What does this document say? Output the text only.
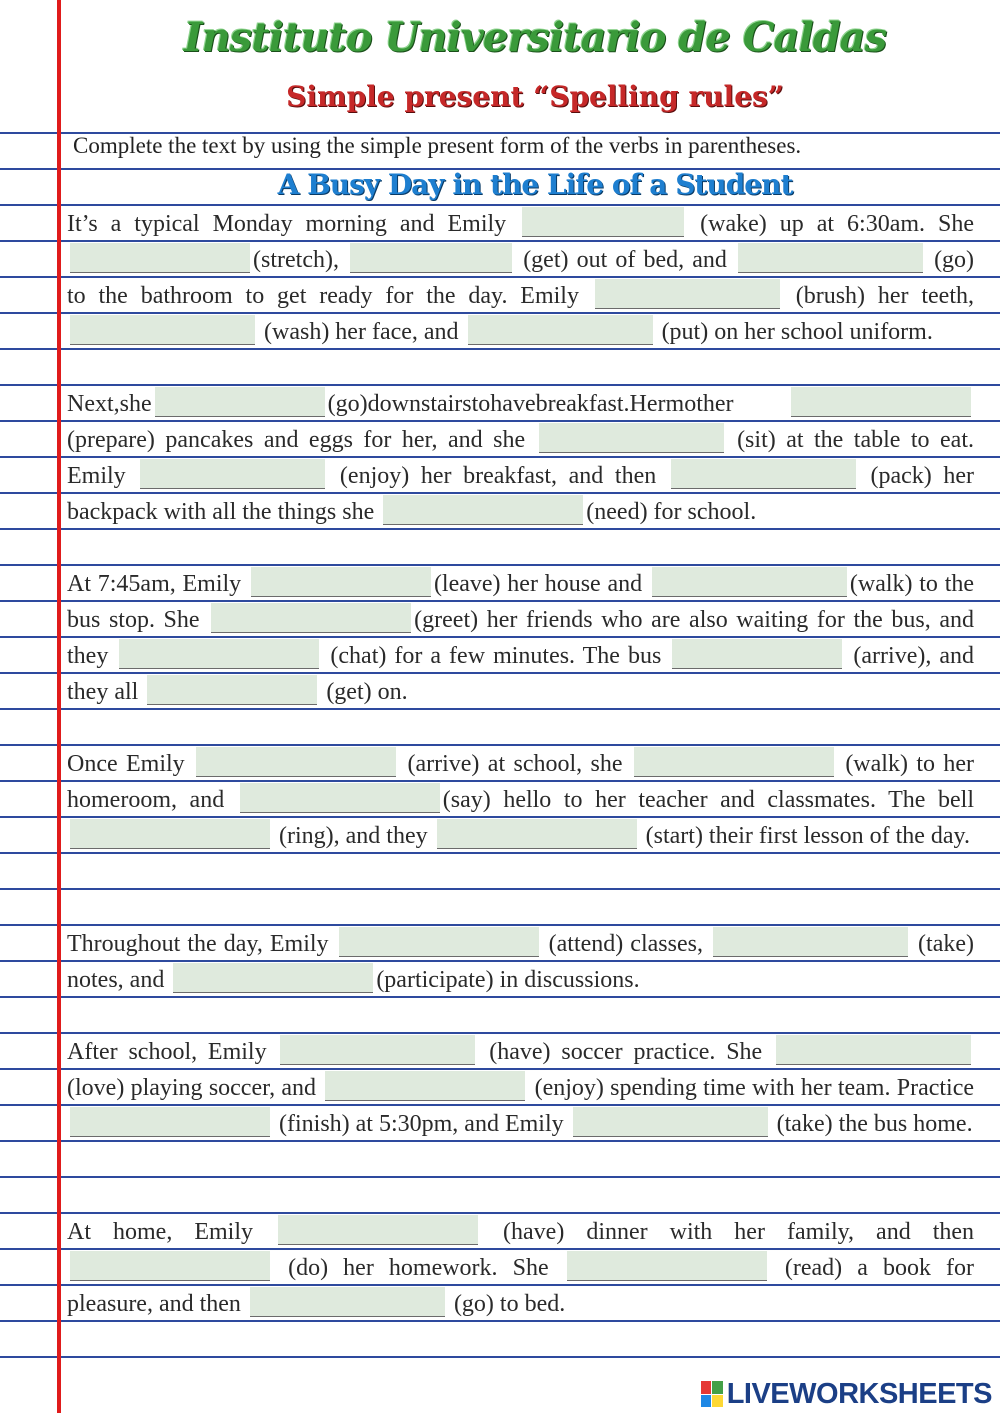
Instituto Universitario de Caldas
Simple present “Spelling rules”
Complete the text by using the simple present form of the verbs in parentheses.
A Busy Day in the Life of a Student
It’s a typical Monday morning and Emily	(wake) up at 6:30am. She (stretch),	(get) out of bed, and	(go) to the bathroom to get ready for the day. Emily	(brush) her teeth,  (wash) her face, and	(put) on her school uniform.
Next,she	(go)downstairstohavebreakfast.Hermother  (prepare) pancakes and eggs for her, and she	(sit) at the table to eat. Emily	(enjoy) her breakfast, and then	(pack) her backpack with all the things she	(need) for school.
At 7:45am, Emily	(leave) her house and	(walk) to the bus stop. She	(greet) her friends who are also waiting for the bus, and they	(chat) for a few minutes. The bus	(arrive), and they all	(get) on.
Once Emily	(arrive) at school, she	(walk) to her homeroom, and	(say) hello to her teacher and classmates. The bell  (ring), and they	(start) their first lesson of the day.
Throughout the day, Emily	(attend) classes,	(take) notes, and	(participate) in discussions.
After school, Emily	(have) soccer practice. She  (love) playing soccer, and	(enjoy) spending time with her team. Practice  (finish) at 5:30pm, and Emily	(take) the bus home.
At home, Emily	(have) dinner with her family, and then  (do) her homework. She	(read) a book for pleasure, and then	(go) to bed.
LIVEWORKSHEETS
